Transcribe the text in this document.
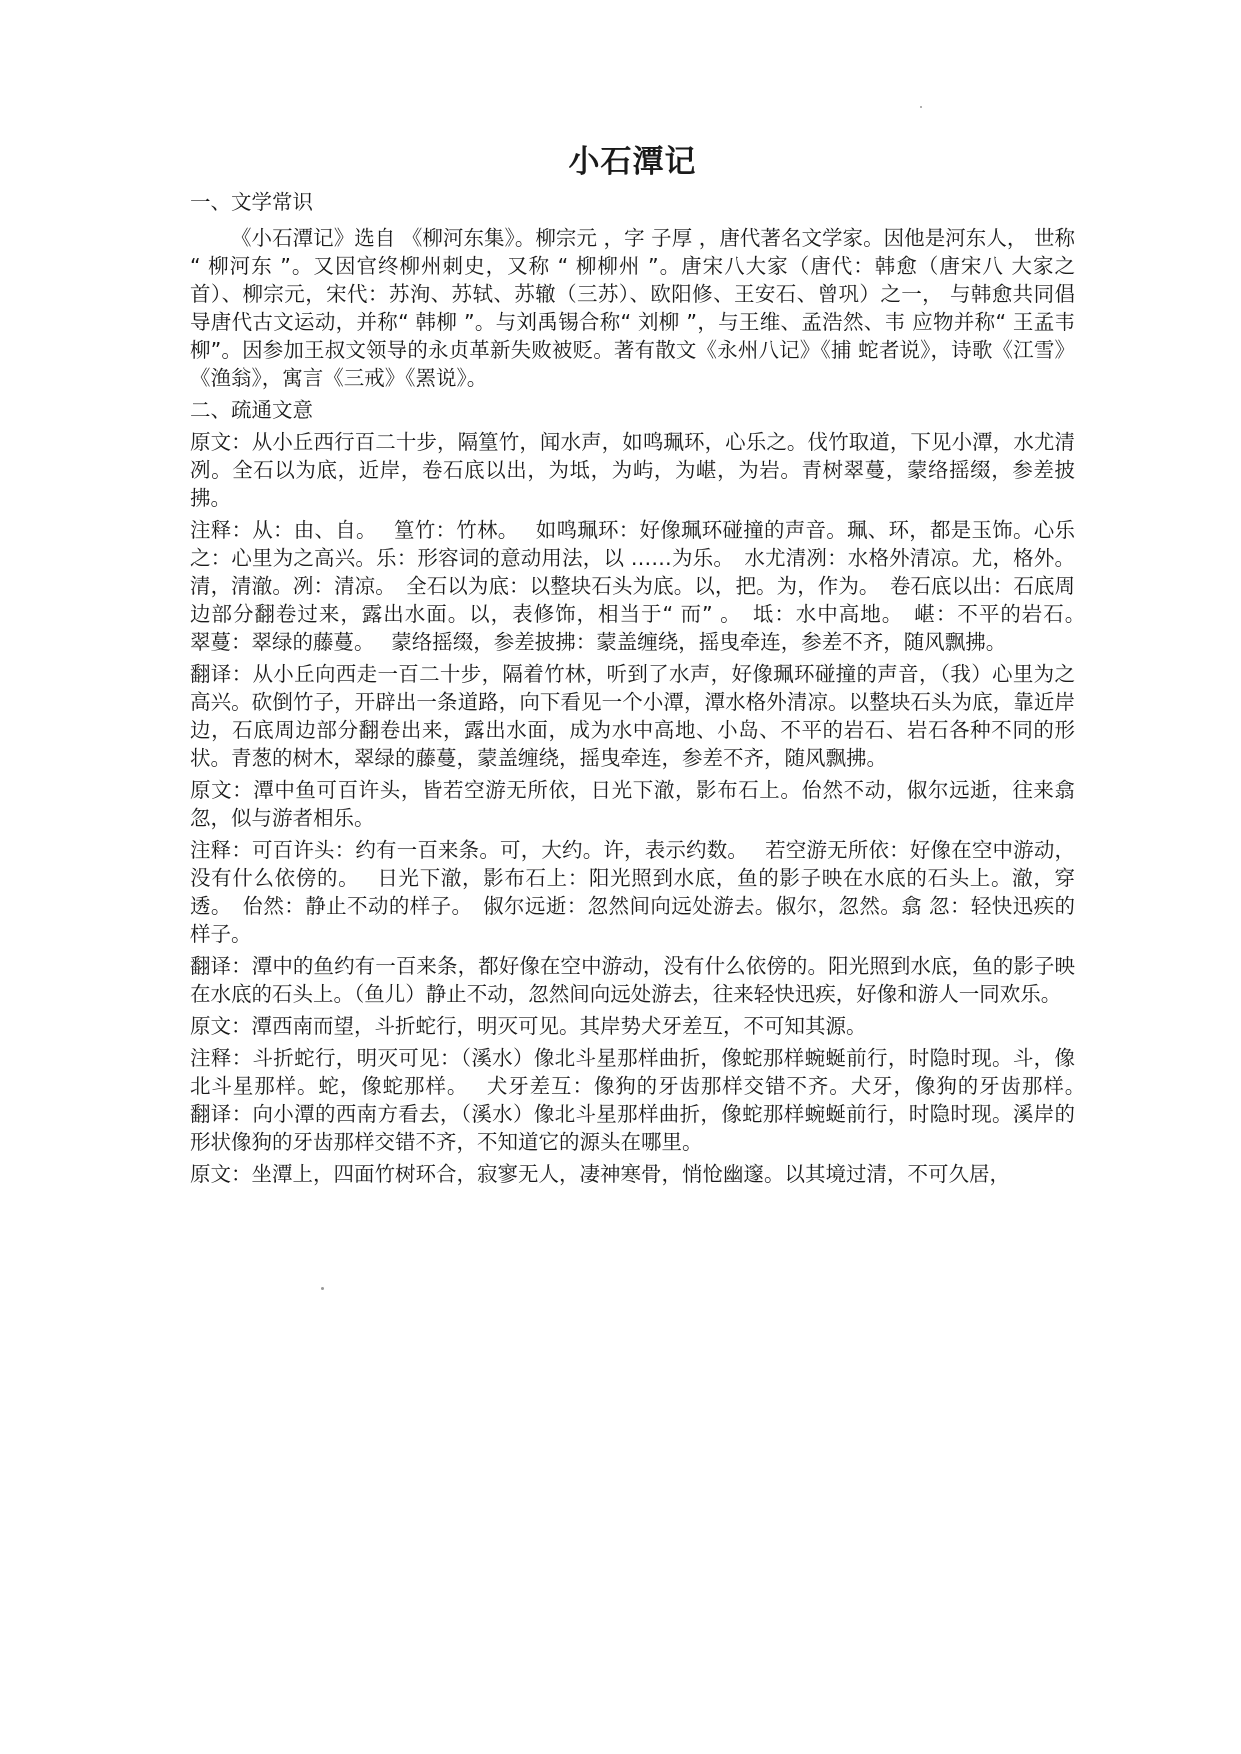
小石潭记
一、文学常识

《小石潭记》选自 《柳河东集》。柳宗元 ，字 子厚 ，唐代著名文学家。因他是河东人， 世称 “ 柳河东 ”。又因官终柳州刺史，又称 “ 柳柳州 ”。唐宋八大家（唐代：韩愈（唐宋八 大家之首）、柳宗元，宋代：苏洵、苏轼、苏辙（三苏）、欧阳修、王安石、曾巩）之一， 与韩愈共同倡导唐代古文运动，并称“ 韩柳 ”。与刘禹锡合称“ 刘柳 ”，与王维、孟浩然、韦 应物并称“ 王孟韦柳”。因参加王叔文领导的永贞革新失败被贬。著有散文《永州八记》《捕 蛇者说》，诗歌《江雪》《渔翁》，寓言《三戒》《罴说》。

二、疏通文意

原文：从小丘西行百二十步，隔篁竹，闻水声，如鸣珮环，心乐之。伐竹取道，下见小潭，水尤清冽。全石以为底，近岸，卷石底以出，为坻，为屿，为嵁，为岩。青树翠蔓，蒙络摇缀，参差披拂。

注释：从：由、自。　 篁竹：竹林。　 如鸣珮环：好像珮环碰撞的声音。珮、环，都是玉饰。心乐之：心里为之高兴。乐：形容词的意动用法，以 ……为乐。　水尤清冽：水格外清凉。尤，格外。清，清澈。冽：清凉。　全石以为底：以整块石头为底。以，把。为，作为。　卷石底以出：石底周边部分翻卷过来，露出水面。以，表修饰，相当于“ 而” 。　坻：水中高地。　嵁：不平的岩石。　 翠蔓：翠绿的藤蔓。　 蒙络摇缀，参差披拂：蒙盖缠绕，摇曳牵连，参差不齐，随风飘拂。

翻译：从小丘向西走一百二十步，隔着竹林，听到了水声，好像珮环碰撞的声音，（我）心里为之高兴。砍倒竹子，开辟出一条道路，向下看见一个小潭，潭水格外清凉。以整块石头为底，靠近岸边，石底周边部分翻卷出来，露出水面，成为水中高地、小岛、不平的岩石、岩石各种不同的形状。青葱的树木，翠绿的藤蔓，蒙盖缠绕，摇曳牵连，参差不齐，随风飘拂。

原文：潭中鱼可百许头，皆若空游无所依，日光下澈，影布石上。佁然不动，俶尔远逝，往来翕忽，似与游者相乐。

注释：可百许头：约有一百来条。可，大约。许，表示约数。　 若空游无所依：好像在空中游动，没有什么依傍的。　 日光下澈，影布石上：阳光照到水底，鱼的影子映在水底的石头上。澈，穿透。　佁然：静止不动的样子。　俶尔远逝：忽然间向远处游去。俶尔，忽然。翕 忽：轻快迅疾的样子。

翻译：潭中的鱼约有一百来条，都好像在空中游动，没有什么依傍的。阳光照到水底，鱼的影子映在水底的石头上。（鱼儿）静止不动，忽然间向远处游去，往来轻快迅疾，好像和游人一同欢乐。

原文：潭西南而望，斗折蛇行，明灭可见。其岸势犬牙差互，不可知其源。

注释：斗折蛇行，明灭可见：（溪水）像北斗星那样曲折，像蛇那样蜿蜒前行，时隐时现。斗，像北斗星那样。蛇，像蛇那样。　 犬牙差互：像狗的牙齿那样交错不齐。犬牙，像狗的牙齿那样。　翻译：向小潭的西南方看去，（溪水）像北斗星那样曲折，像蛇那样蜿蜒前行，时隐时现。溪岸的形状像狗的牙齿那样交错不齐，不知道它的源头在哪里。

原文：坐潭上，四面竹树环合，寂寥无人，凄神寒骨，悄怆幽邃。以其境过清，不可久居，
